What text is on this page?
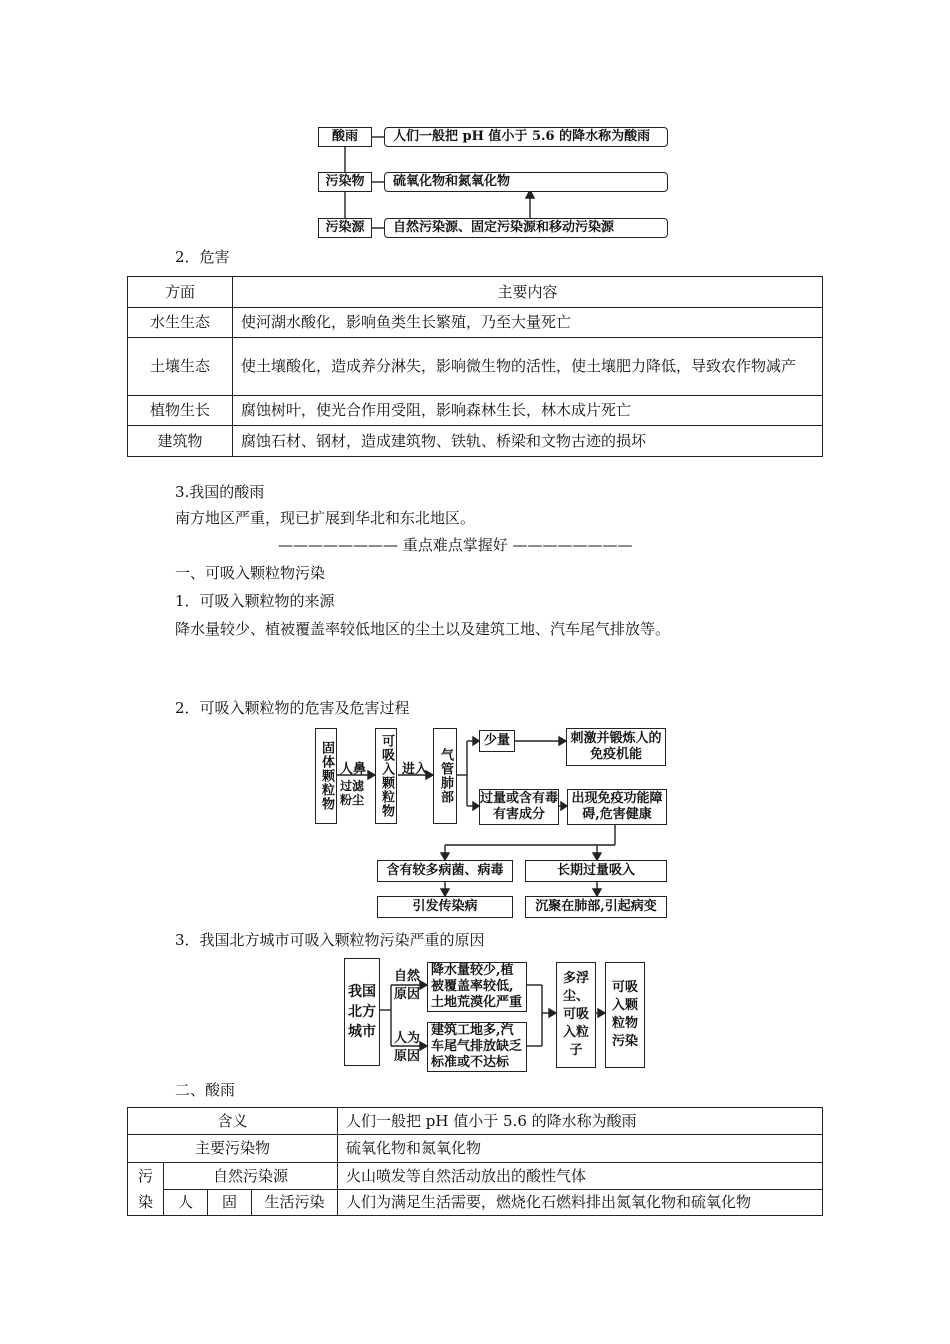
酸雨
污染物
污染源
人们一般把 pH 值小于 5.6 的降水称为酸雨
硫氧化物和氮氧化物
自然污染源、固定污染源和移动污染源
2．危害
方面	主要内容
水生生态	使河湖水酸化，影响鱼类生长繁殖，乃至大量死亡
土壤生态	使土壤酸化，造成养分淋失，影响微生物的活性，使土壤肥力降低，导致农作物减产
植物生长	腐蚀树叶，使光合作用受阻，影响森林生长，林木成片死亡
建筑物	腐蚀石材、钢材，造成建筑物、铁轨、桥梁和文物古迹的损坏
3.我国的酸雨
南方地区严重，现已扩展到华北和东北地区。
———————— 重点难点掌握好 ————————
一、可吸入颗粒物污染
1．可吸入颗粒物的来源
降水量较少、植被覆盖率较低地区的尘土以及建筑工地、汽车尾气排放等。
2．可吸入颗粒物的危害及危害过程
固体颗粒物 人鼻
过滤粉尘	可吸入颗粒物 进入 气管肺部
少量	刺激并锻炼人的免疫机能
过量或含有毒有害成分
出现免疫功能障碍,危害健康
含有较多病菌、病毒	长期过量吸入
引发传染病	沉聚在肺部,引起病变
3．我国北方城市可吸入颗粒物污染严重的原因
我国北方城市
自然原因
人为原因
降水量较少,植被覆盖率较低,土地荒漠化严重
建筑工地多,汽车尾气排放缺乏标准或不达标
多浮尘、可吸入粒子
可吸入颗粒物污染
二、酸雨
含义				人们一般把 pH 值小于 5.6 的降水称为酸雨
主要污染物				硫氧化物和氮氧化物
污	自然污染源			火山喷发等自然活动放出的酸性气体
染	人	固	生活污染	人们为满足生活需要，燃烧化石燃料排出氮氧化物和硫氧化物
